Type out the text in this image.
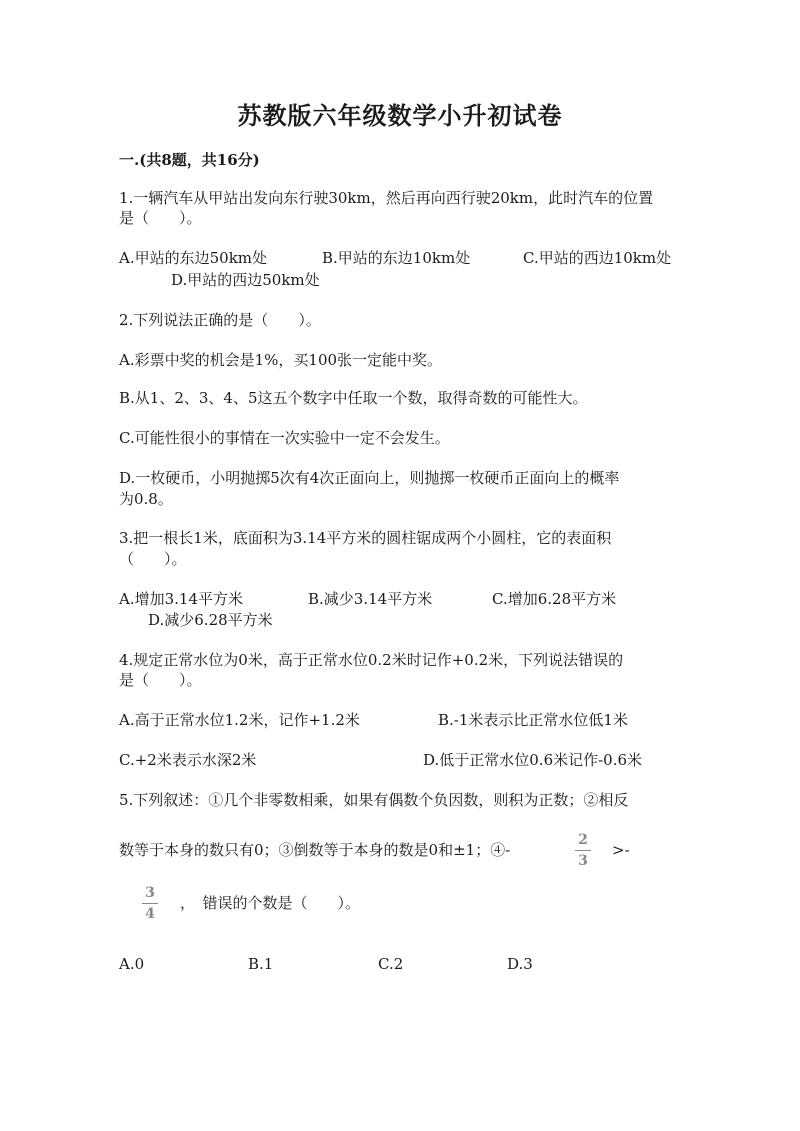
苏教版六年级数学小升初试卷
一.(共8题，共16分)
1.一辆汽车从甲站出发向东行驶30km，然后再向西行驶20km，此时汽车的位置
是（　　）。
A.甲站的东边50km处	B.甲站的东边10km处	C.甲站的西边10km处
D.甲站的西边50km处
2.下列说法正确的是（　　）。
A.彩票中奖的机会是1%，买100张一定能中奖。
B.从1、2、3、4、5这五个数字中任取一个数，取得奇数的可能性大。
C.可能性很小的事情在一次实验中一定不会发生。
D.一枚硬币，小明抛掷5次有4次正面向上，则抛掷一枚硬币正面向上的概率
为0.8。
3.把一根长1米，底面积为3.14平方米的圆柱锯成两个小圆柱，它的表面积
（　　）。
A.增加3.14平方米	B.减少3.14平方米	C.增加6.28平方米
D.减少6.28平方米
4.规定正常水位为0米，高于正常水位0.2米时记作+0.2米，下列说法错误的
是（　　）。
A.高于正常水位1.2米，记作+1.2米	B.-1米表示比正常水位低1米
C.+2米表示水深2米	D.低于正常水位0.6米记作-0.6米
5.下列叙述：①几个非零数相乘，如果有偶数个负因数，则积为正数；②相反
数等于本身的数只有0；③倒数等于本身的数是0和±1；④-
2
3
>-
3
4
，　错误的个数是（　　）。
A.0	B.1	C.2	D.3
